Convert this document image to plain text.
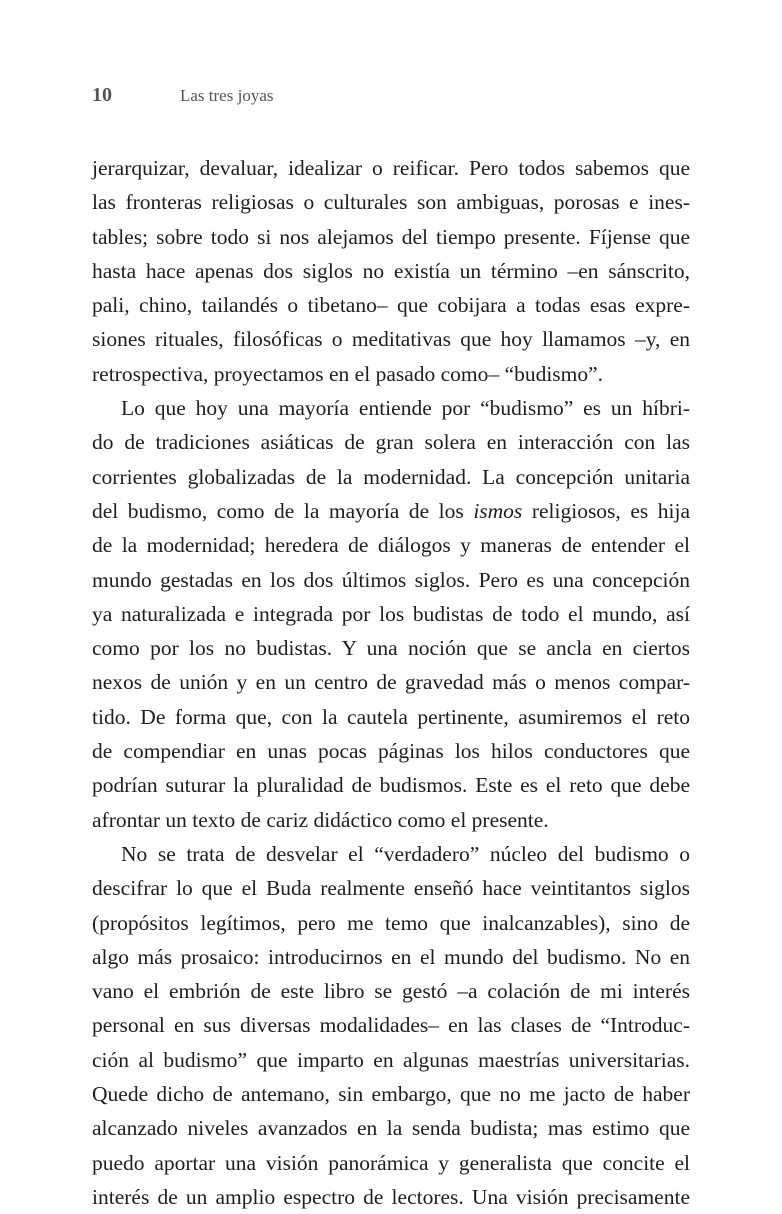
10	Las tres joyas
jerarquizar, devaluar, idealizar o reificar. Pero todos sabemos que
las fronteras religiosas o culturales son ambiguas, porosas e ines-
tables; sobre todo si nos alejamos del tiempo presente. Fíjense que
hasta hace apenas dos siglos no existía un término –en sánscrito,
pali, chino, tailandés o tibetano– que cobijara a todas esas expre-
siones rituales, filosóficas o meditativas que hoy llamamos –y, en
retrospectiva, proyectamos en el pasado como– “budismo”.
Lo que hoy una mayoría entiende por “budismo” es un híbri-
do de tradiciones asiáticas de gran solera en interacción con las
corrientes globalizadas de la modernidad. La concepción unitaria
del budismo, como de la mayoría de los ismos religiosos, es hija
de la modernidad; heredera de diálogos y maneras de entender el
mundo gestadas en los dos últimos siglos. Pero es una concepción
ya naturalizada e integrada por los budistas de todo el mundo, así
como por los no budistas. Y una noción que se ancla en ciertos
nexos de unión y en un centro de gravedad más o menos compar-
tido. De forma que, con la cautela pertinente, asumiremos el reto
de compendiar en unas pocas páginas los hilos conductores que
podrían suturar la pluralidad de budismos. Este es el reto que debe
afrontar un texto de cariz didáctico como el presente.
No se trata de desvelar el “verdadero” núcleo del budismo o
descifrar lo que el Buda realmente enseñó hace veintitantos siglos
(propósitos legítimos, pero me temo que inalcanzables), sino de
algo más prosaico: introducirnos en el mundo del budismo. No en
vano el embrión de este libro se gestó –a colación de mi interés
personal en sus diversas modalidades– en las clases de “Introduc-
ción al budismo” que imparto en algunas maestrías universitarias.
Quede dicho de antemano, sin embargo, que no me jacto de haber
alcanzado niveles avanzados en la senda budista; mas estimo que
puedo aportar una visión panorámica y generalista que concite el
interés de un amplio espectro de lectores. Una visión precisamente
